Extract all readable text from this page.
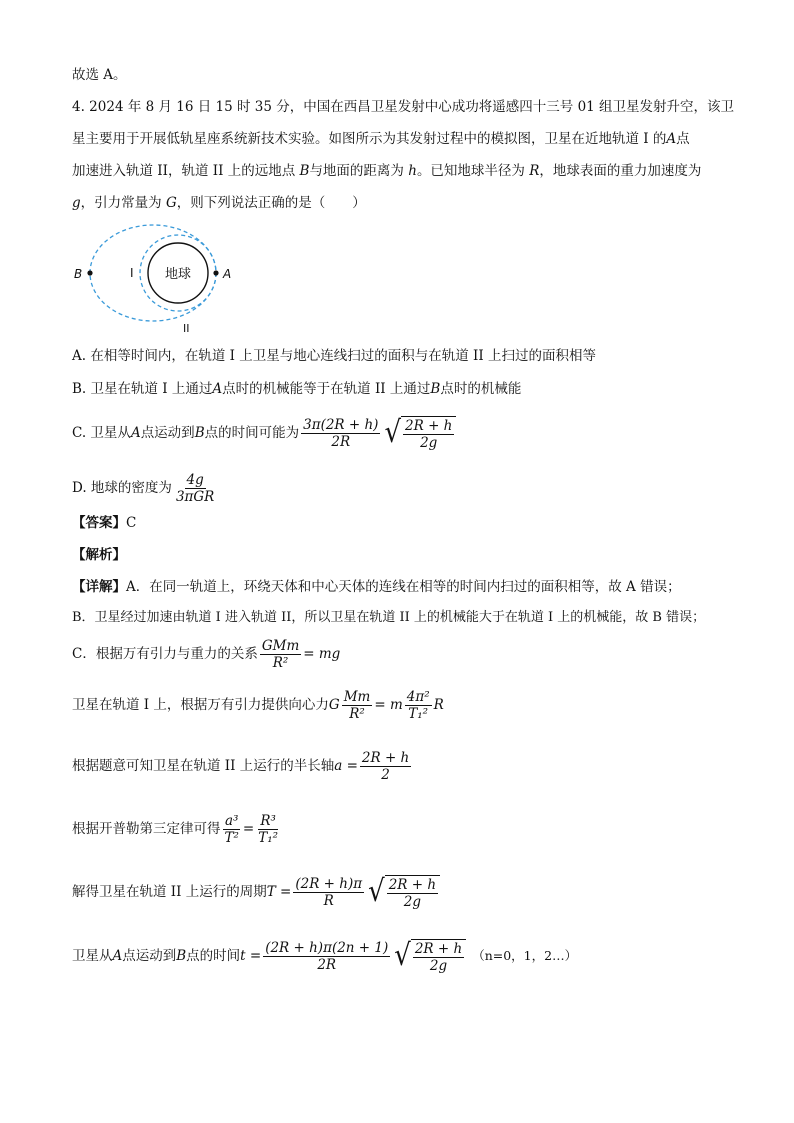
故选 A。
4. 2024 年 8 月 16 日 15 时 35 分，中国在西昌卫星发射中心成功将遥感四十三号 01 组卫星发射升空，该卫
星主要用于开展低轨星座系统新技术实验。如图所示为其发射过程中的模拟图，卫星在近地轨道 I 的A点
加速进入轨道 II，轨道 II 上的远地点 B与地面的距离为 h。已知地球半径为 R，地球表面的重力加速度为
g，引力常量为 G，则下列说法正确的是（　　）
地球	A
B	I
II
A. 在相等时间内，在轨道 I 上卫星与地心连线扫过的面积与在轨道 II 上扫过的面积相等
B. 卫星在轨道 I 上通过A点时的机械能等于在轨道 II 上通过B点时的机械能
C. 卫星从 A 点运动到 B 点的时间可能为 $\frac{3\pi(2R + h)}{2R}$ √ $\frac{2R + h}{2g}$
D. 地球的密度为 $\frac{4g}{\text{3πGR}}$
【答案】C
【解析】
【详解】A．在同一轨道上，环绕天体和中心天体的连线在相等的时间内扫过的面积相等，故 A 错误；
B．卫星经过加速由轨道 I 进入轨道 II，所以卫星在轨道 II 上的机械能大于在轨道 I 上的机械能，故 B 错误；
C．根据万有引力与重力的关系 $\frac{\text{GMm}}{\text{R²}}$ = mg
卫星在轨道 I 上，根据万有引力提供向心力 G $\frac{Mm}{\text{R²}} = m \frac{\text{4π²}}{\text{T₁²}}$ R
根据题意可知卫星在轨道 II 上运行的半长轴 $a = \frac{2R + h}{2}$
根据开普勒第三定律可得 $\frac{\text{a³}}{\text{T²}} = \frac{\text{R³}}{\text{T₁²}}$
解得卫星在轨道 II 上运行的周期 $T = \frac{(2R + h)\pi}{R}$ √ $\frac{2R + h}{2g}$
卫星从 A 点运动到 B 点的时间 $t = \frac{(2R + h)\pi(2n + 1)}{2R}$ √ $\frac{2R + h}{2g} (n=0$，1，2…）
